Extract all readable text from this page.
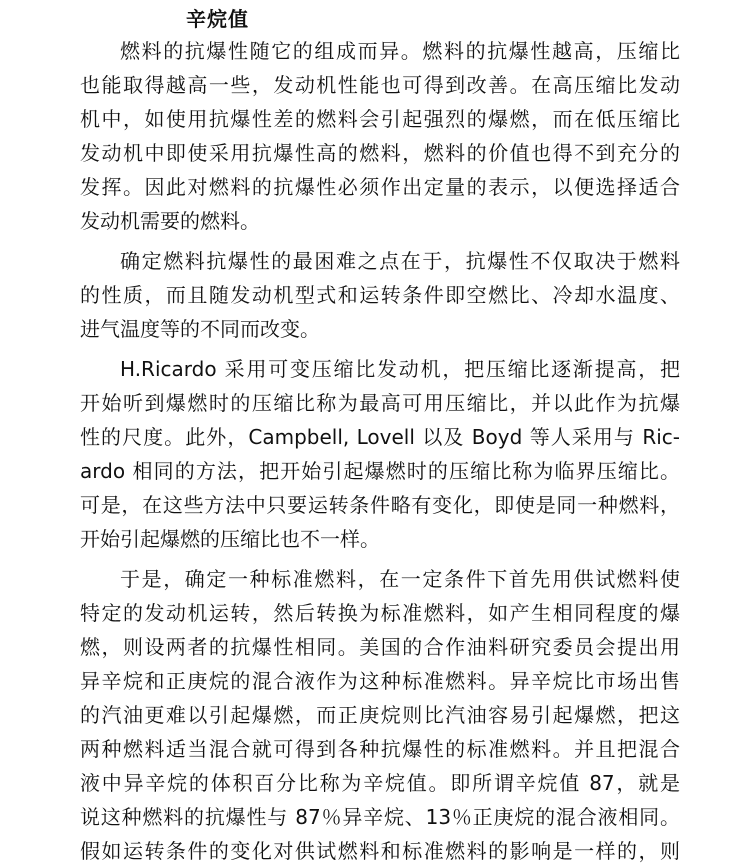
辛烷值
燃料的抗爆性随它的组成而异。燃料的抗爆性越高，压缩比
也能取得越高一些，发动机性能也可得到改善。在高压缩比发动
机中，如使用抗爆性差的燃料会引起强烈的爆燃，而在低压缩比
发动机中即使采用抗爆性高的燃料，燃料的价值也得不到充分的
发挥。因此对燃料的抗爆性必须作出定量的表示，以便选择适合
发动机需要的燃料。
确定燃料抗爆性的最困难之点在于，抗爆性不仅取决于燃料
的性质，而且随发动机型式和运转条件即空燃比、冷却水温度、
进气温度等的不同而改变。
H.Ricardo 采用可变压缩比发动机，把压缩比逐渐提高，把
开始听到爆燃时的压缩比称为最高可用压缩比，并以此作为抗爆
性的尺度。此外，Campbell, Lovell 以及 Boyd 等人采用与 Ric-
ardo 相同的方法，把开始引起爆燃时的压缩比称为临界压缩比。
可是，在这些方法中只要运转条件略有变化，即使是同一种燃料，
开始引起爆燃的压缩比也不一样。
于是，确定一种标准燃料，在一定条件下首先用供试燃料使
特定的发动机运转，然后转换为标准燃料，如产生相同程度的爆
燃，则设两者的抗爆性相同。美国的合作油料研究委员会提出用
异辛烷和正庚烷的混合液作为这种标准燃料。异辛烷比市场出售
的汽油更难以引起爆燃，而正庚烷则比汽油容易引起爆燃，把这
两种燃料适当混合就可得到各种抗爆性的标准燃料。并且把混合
液中异辛烷的体积百分比称为辛烷值。即所谓辛烷值 87，就是
说这种燃料的抗爆性与 87％异辛烷、13％正庚烷的混合液相同。
假如运转条件的变化对供试燃料和标准燃料的影响是一样的，则
